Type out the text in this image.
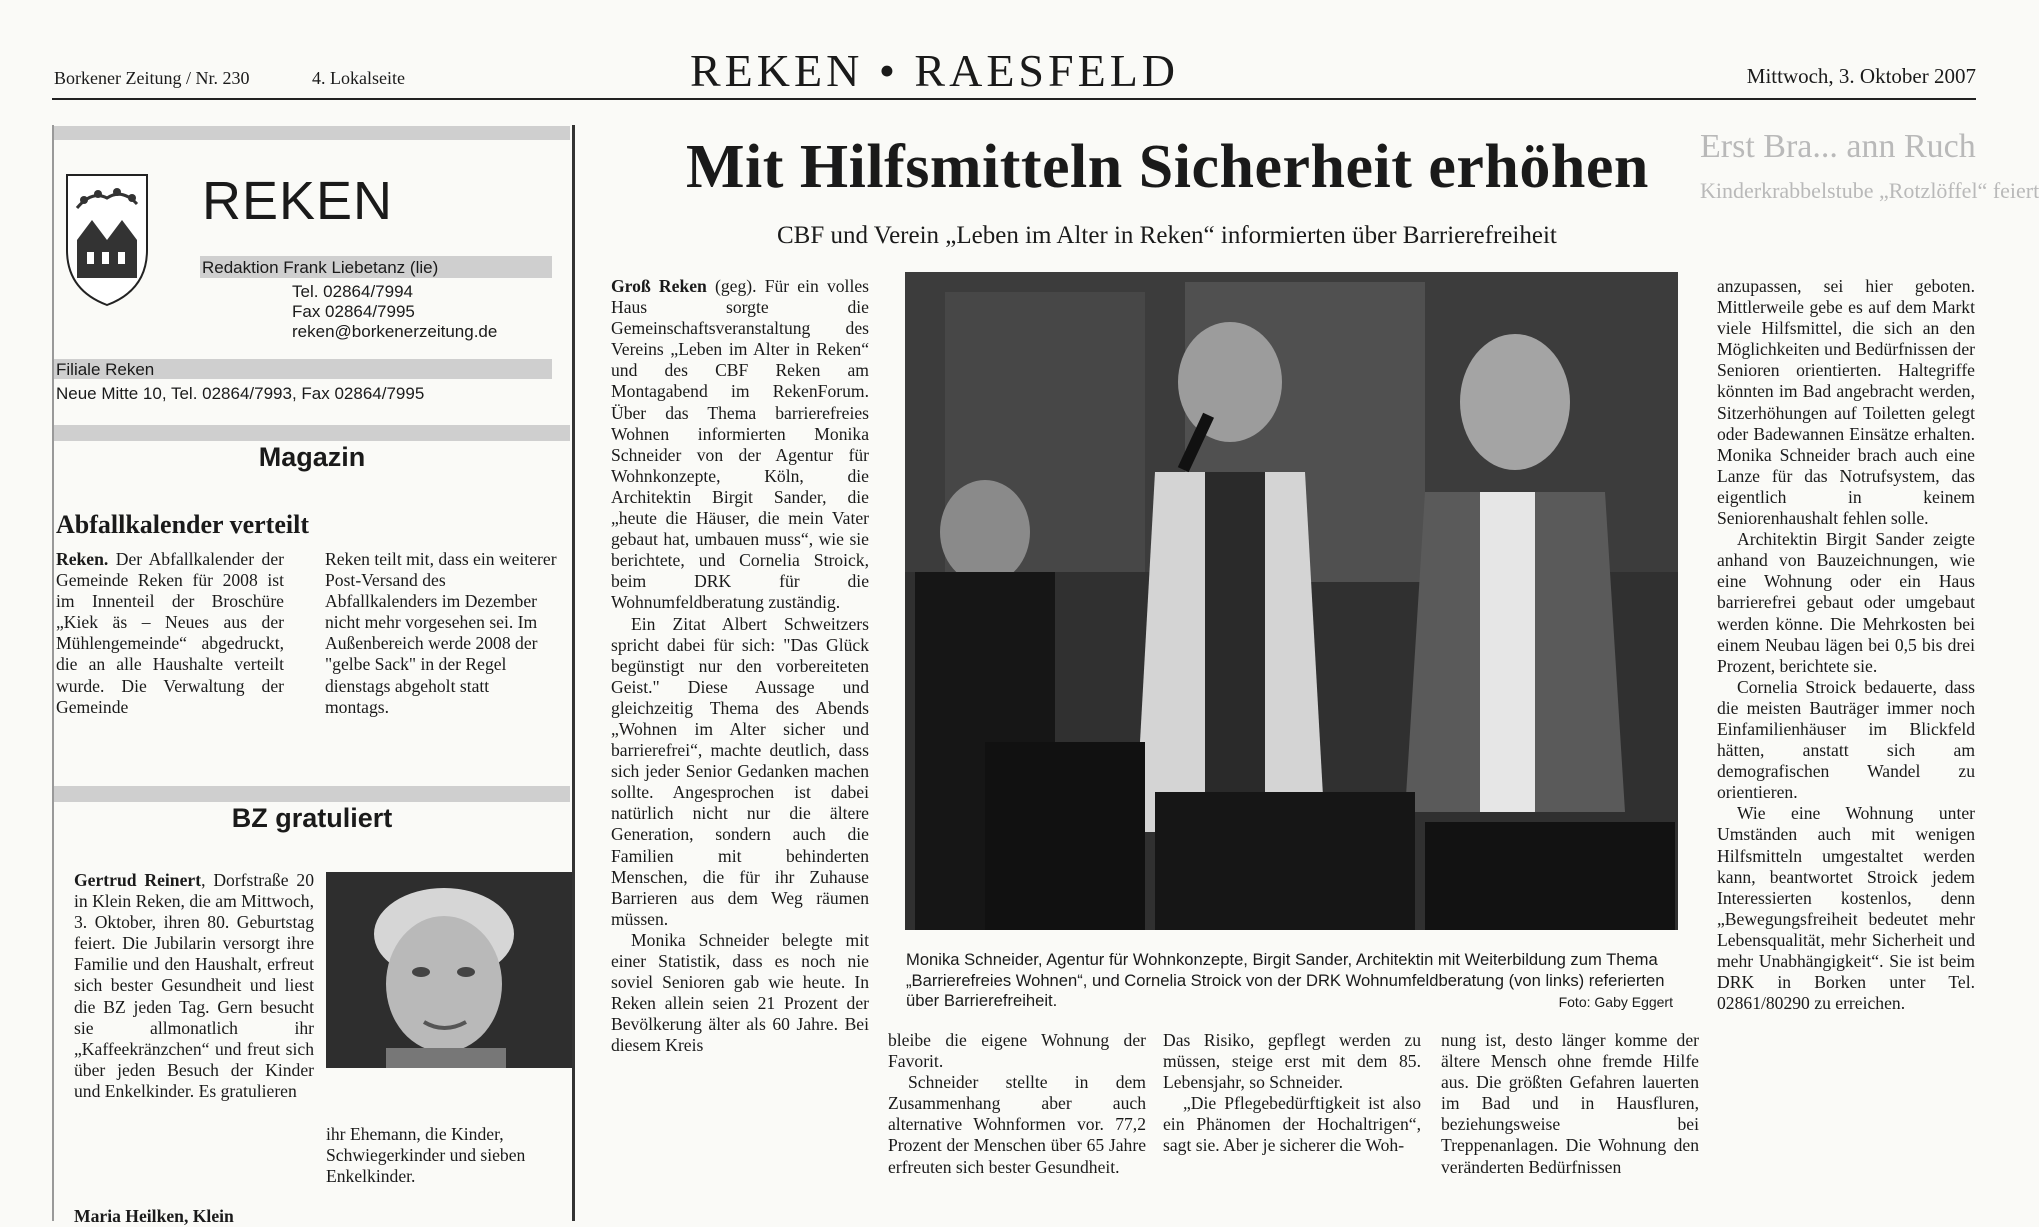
Borkener Zeitung / Nr. 230	4. Lokalseite	REKEN • RAESFELD	Mittwoch, 3. Oktober 2007
Erst Bra... ann Ruch
Kinderkrabbelstube „Rotzlöffel“ feiert
REKEN
Redaktion Frank Liebetanz (lie)
Tel. 02864/7994
Fax 02864/7995
reken@borkenerzeitung.de
Filiale Reken
Neue Mitte 10, Tel. 02864/7993, Fax 02864/7995
Magazin
Abfallkalender verteilt

Reken. Der Abfallkalender der Gemeinde Reken für 2008 ist im Innenteil der Broschüre „Kiek äs – Neues aus der Mühlengemeinde“ abgedruckt, die an alle Haushalte verteilt wurde. Die Verwaltung der Gemeinde

Reken teilt mit, dass ein weiterer Post-Versand des Abfallkalenders im Dezember nicht mehr vorgesehen sei. Im Außenbereich werde 2008 der "gelbe Sack" in der Regel dienstags abgeholt statt montags.

BZ gratuliert

Gertrud Reinert, Dorfstraße 20 in Klein Reken, die am Mittwoch, 3. Oktober, ihren 80. Geburtstag feiert. Die Jubilarin versorgt ihre Familie und den Haushalt, erfreut sich bester Gesundheit und liest die BZ jeden Tag. Gern besucht sie allmonatlich ihr „Kaffeekränzchen“ und freut sich über jeden Besuch der Kinder und Enkelkinder. Es gratulieren

ihr Ehemann, die Kinder, Schwiegerkinder und sieben Enkelkinder.

Maria Heilken, Klein

Mit Hilfsmitteln Sicherheit erhöhen
CBF und Verein „Leben im Alter in Reken“ informierten über Barrierefreiheit

Groß Reken (geg). Für ein volles Haus sorgte die Gemeinschaftsveranstaltung des Vereins „Leben im Alter in Reken“ und des CBF Reken am Montagabend im RekenForum. Über das Thema barrierefreies Wohnen informierten Monika Schneider von der Agentur für Wohnkonzepte, Köln, die Architektin Birgit Sander, die „heute die Häuser, die mein Vater gebaut hat, umbauen muss“, wie sie berichtete, und Cornelia Stroick, beim DRK für die Wohnumfeldberatung zuständig.

Ein Zitat Albert Schweitzers spricht dabei für sich: "Das Glück begünstigt nur den vorbereiteten Geist." Diese Aussage und gleichzeitig Thema des Abends „Wohnen im Alter sicher und barrierefrei“, machte deutlich, dass sich jeder Senior Gedanken machen sollte. Angesprochen ist dabei natürlich nicht nur die ältere Generation, sondern auch die Familien mit behinderten Menschen, die für ihr Zuhause Barrieren aus dem Weg räumen müssen.

Monika Schneider belegte mit einer Statistik, dass es noch nie soviel Senioren gab wie heute. In Reken allein seien 21 Prozent der Bevölkerung älter als 60 Jahre. Bei diesem Kreis

Monika Schneider, Agentur für Wohnkonzepte, Birgit Sander, Architektin mit Weiterbildung zum Thema „Barrierefreies Wohnen“, und Cornelia Stroick von der DRK Wohnumfeldberatung (von links) referierten über Barrierefreiheit.	Foto: Gaby Eggert

bleibe die eigene Wohnung der Favorit.

Schneider stellte in dem Zusammenhang aber auch alternative Wohnformen vor. 77,2 Prozent der Menschen über 65 Jahre erfreuten sich bester Gesundheit.

Das Risiko, gepflegt werden zu müssen, steige erst mit dem 85. Lebensjahr, so Schneider.

„Die Pflegebedürftigkeit ist also ein Phänomen der Hochaltrigen“, sagt sie. Aber je sicherer die Woh-

nung ist, desto länger komme der ältere Mensch ohne fremde Hilfe aus. Die größten Gefahren lauerten im Bad und in Hausfluren, beziehungsweise bei Treppenanlagen. Die Wohnung den veränderten Bedürfnissen

anzupassen, sei hier geboten. Mittlerweile gebe es auf dem Markt viele Hilfsmittel, die sich an den Möglichkeiten und Bedürfnissen der Senioren orientierten. Haltegriffe könnten im Bad angebracht werden, Sitzerhöhungen auf Toiletten gelegt oder Badewannen Einsätze erhalten. Monika Schneider brach auch eine Lanze für das Notrufsystem, das eigentlich in keinem Seniorenhaushalt fehlen solle.

Architektin Birgit Sander zeigte anhand von Bauzeichnungen, wie eine Wohnung oder ein Haus barrierefrei gebaut oder umgebaut werden könne. Die Mehrkosten bei einem Neubau lägen bei 0,5 bis drei Prozent, berichtete sie.

Cornelia Stroick bedauerte, dass die meisten Bauträger immer noch Einfamilienhäuser im Blickfeld hätten, anstatt sich am demografischen Wandel zu orientieren.

Wie eine Wohnung unter Umständen auch mit wenigen Hilfsmitteln umgestaltet werden kann, beantwortet Stroick jedem Interessierten kostenlos, denn „Bewegungsfreiheit bedeutet mehr Lebensqualität, mehr Sicherheit und mehr Unabhängigkeit“. Sie ist beim DRK in Borken unter Tel. 02861/80290 zu erreichen.
